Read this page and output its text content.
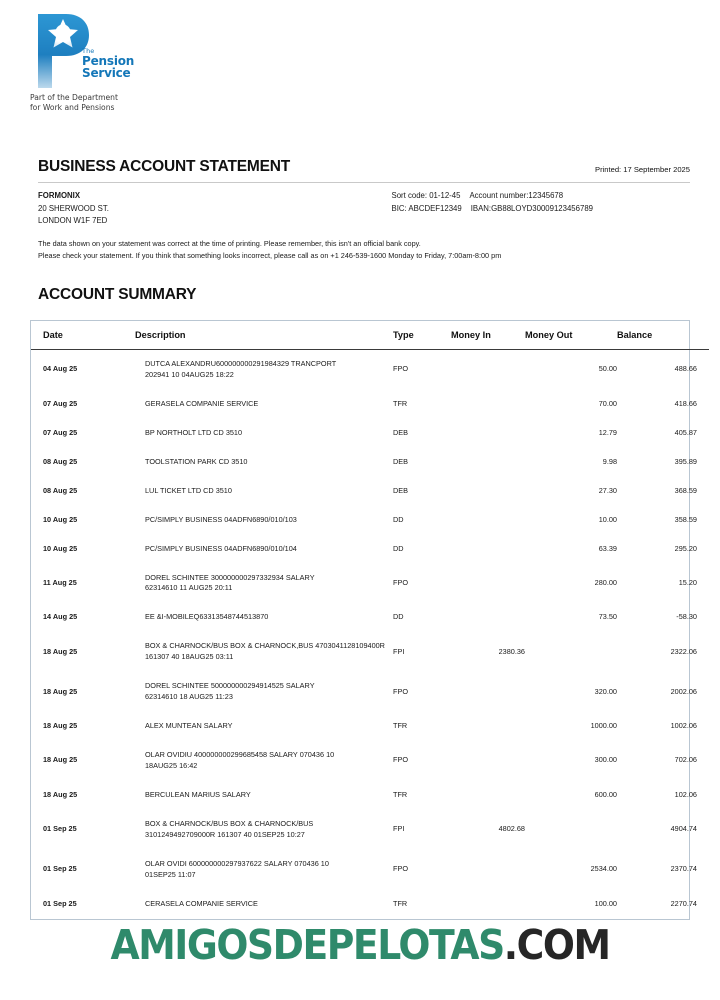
The
Pension
Service
Part of the Department
for Work and Pensions
BUSINESS ACCOUNT STATEMENT	Printed: 17 September 2025
FORMONIX
20 SHERWOOD ST.
LONDON W1F 7ED
Sort code: 01-12-45 Account number:12345678
BIC: ABCDEF12349 IBAN:GB88LOYD30009123456789
The data shown on your statement was correct at the time of printing. Please remember, this isn't an official bank copy.
Please check your statement. If you think that something looks incorrect, please call as on +1 246-539-1600 Monday to Friday, 7:00am-8:00 pm
ACCOUNT SUMMARY
Date	Description	Type	Money In	Money Out	Balance
04 Aug 25	DUTCA ALEXANDRU600000000291984329 TRANCPORT
202941 10 04AUG25 18:22	FPO		50.00	488.66
07 Aug 25	GERASELA COMPANIE SERVICE	TFR		70.00	418.66
07 Aug 25	BP NORTHOLT LTD CD 3510	DEB		12.79	405.87
08 Aug 25	TOOLSTATION PARK CD 3510	DEB		9.98	395.89
08 Aug 25	LUL TICKET LTD CD 3510	DEB		27.30	368.59
10 Aug 25	PC/SIMPLY BUSINESS 04ADFN6890/010/103	DD		10.00	358.59
10 Aug 25	PC/SIMPLY BUSINESS 04ADFN6890/010/104	DD		63.39	295.20
11 Aug 25	DOREL SCHINTEE 300000000297332934 SALARY
62314610 11 AUG25 20:11	FPO		280.00	15.20
14 Aug 25	EE &I-MOBILEQ63313548744513870	DD		73.50	-58.30
18 Aug 25	BOX & CHARNOCK/BUS BOX & CHARNOCK,BUS 4703041128109400R
161307 40 18AUG25 03:11	FPI	2380.36		2322.06
18 Aug 25	DOREL SCHINTEE 500000000294914525 SALARY
62314610 18 AUG25 11:23	FPO		320.00	2002.06
18 Aug 25	ALEX MUNTEAN SALARY	TFR		1000.00	1002.06
18 Aug 25	OLAR OVIDIU 400000000299685458 SALARY 070436 10
18AUG25 16:42	FPO		300.00	702.06
18 Aug 25	BERCULEAN MARIUS SALARY	TFR		600.00	102.06
01 Sep 25	BOX & CHARNOCK/BUS BOX & CHARNOCK/BUS
3101249492709000R 161307 40 01SEP25 10:27	FPI	4802.68		4904.74
01 Sep 25	OLAR OVIDI 600000000297937622 SALARY 070436 10
01SEP25 11:07	FPO		2534.00	2370.74
01 Sep 25	CERASELA COMPANIE SERVICE	TFR		100.00	2270.74
AMIGOSDEPELOTAS.COM
